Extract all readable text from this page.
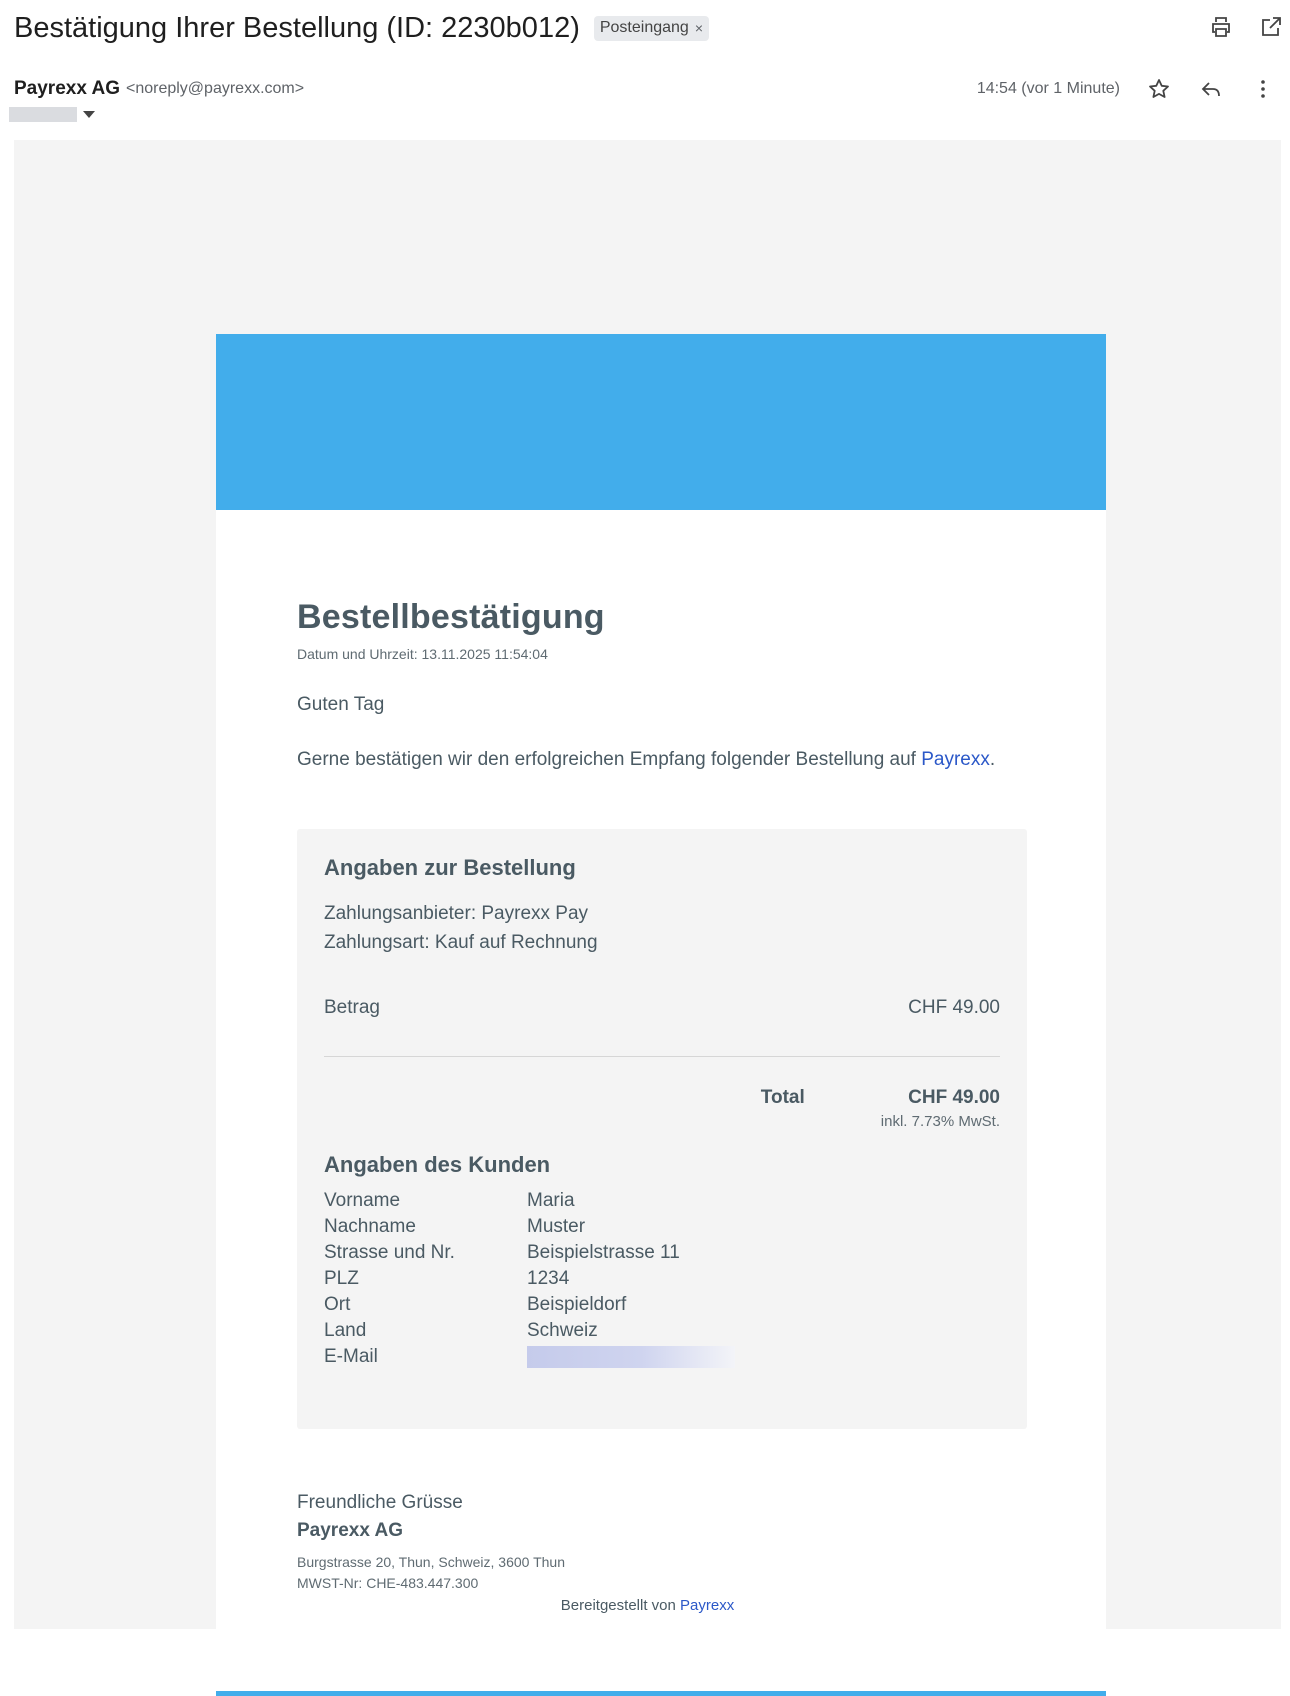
Bestätigung Ihrer Bestellung (ID: 2230b012) Posteingang ×
Payrexx AG <noreply@payrexx.com>	14:54 (vor 1 Minute)
Bestellbestätigung
Datum und Uhrzeit: 13.11.2025 11:54:04
Guten Tag
Gerne bestätigen wir den erfolgreichen Empfang folgender Bestellung auf Payrexx.
Angaben zur Bestellung
Zahlungsanbieter: Payrexx Pay
Zahlungsart: Kauf auf Rechnung
Betrag	CHF 49.00
Total	CHF 49.00
inkl. 7.73% MwSt.
Angaben des Kunden
Vorname	Maria
Nachname	Muster
Strasse und Nr.	Beispielstrasse 11
PLZ	1234
Ort	Beispieldorf
Land	Schweiz
E-Mail
Freundliche Grüsse
Payrexx AG
Burgstrasse 20, Thun, Schweiz, 3600 Thun
MWST-Nr: CHE-483.447.300
Bereitgestellt von Payrexx
